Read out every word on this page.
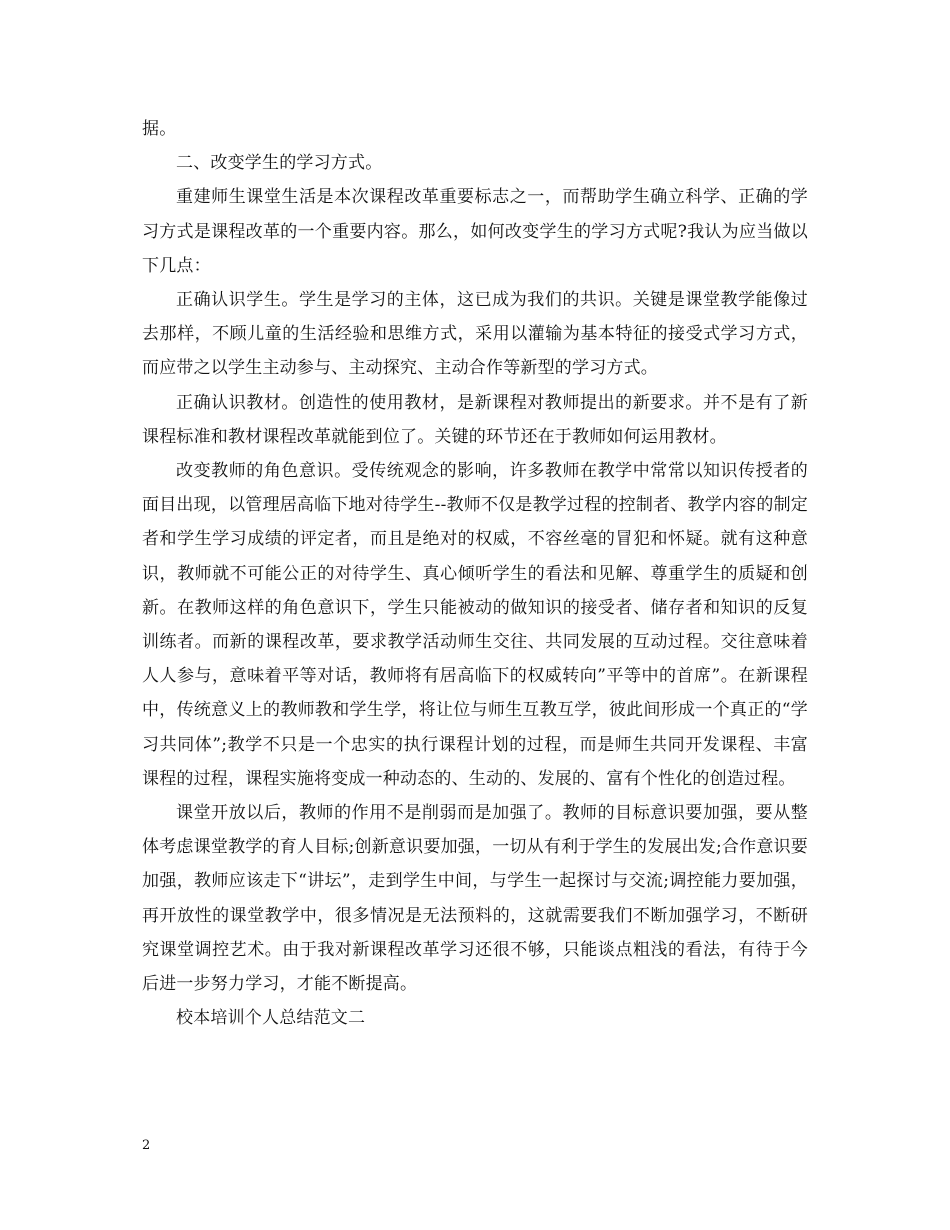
据。

二、改变学生的学习方式。

重建师生课堂生活是本次课程改革重要标志之一，而帮助学生确立科学、正确的学习方式是课程改革的一个重要内容。那么，如何改变学生的学习方式呢?我认为应当做以下几点：

正确认识学生。学生是学习的主体，这已成为我们的共识。关键是课堂教学能像过去那样，不顾儿童的生活经验和思维方式，采用以灌输为基本特征的接受式学习方式，而应带之以学生主动参与、主动探究、主动合作等新型的学习方式。

正确认识教材。创造性的使用教材，是新课程对教师提出的新要求。并不是有了新课程标准和教材课程改革就能到位了。关键的环节还在于教师如何运用教材。

改变教师的角色意识。受传统观念的影响，许多教师在教学中常常以知识传授者的面目出现，以管理居高临下地对待学生--教师不仅是教学过程的控制者、教学内容的制定者和学生学习成绩的评定者，而且是绝对的权威，不容丝毫的冒犯和怀疑。就有这种意识，教师就不可能公正的对待学生、真心倾听学生的看法和见解、尊重学生的质疑和创新。在教师这样的角色意识下，学生只能被动的做知识的接受者、储存者和知识的反复训练者。而新的课程改革，要求教学活动师生交往、共同发展的互动过程。交往意味着人人参与，意味着平等对话，教师将有居高临下的权威转向”平等中的首席”。在新课程中，传统意义上的教师教和学生学，将让位与师生互教互学，彼此间形成一个真正的“学习共同体”;教学不只是一个忠实的执行课程计划的过程，而是师生共同开发课程、丰富课程的过程，课程实施将变成一种动态的、生动的、发展的、富有个性化的创造过程。

课堂开放以后，教师的作用不是削弱而是加强了。教师的目标意识要加强，要从整体考虑课堂教学的育人目标;创新意识要加强，一切从有利于学生的发展出发;合作意识要加强，教师应该走下“讲坛”，走到学生中间，与学生一起探讨与交流;调控能力要加强，再开放性的课堂教学中，很多情况是无法预料的，这就需要我们不断加强学习，不断研究课堂调控艺术。由于我对新课程改革学习还很不够，只能谈点粗浅的看法，有待于今后进一步努力学习，才能不断提高。

校本培训个人总结范文二

2
